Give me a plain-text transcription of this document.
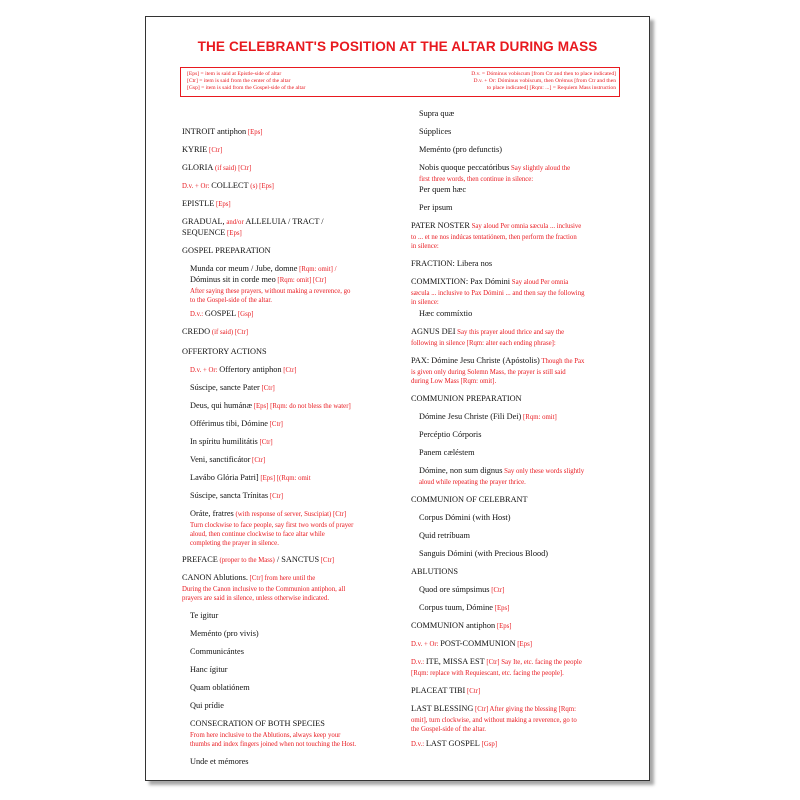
THE CELEBRANT'S POSITION AT THE ALTAR DURING MASS
[Eps] = item is said at Epistle-side of altar
[Ctr] = item is said from the center of the altar
[Gsp] = item is said from the Gospel-side of the altar
D.v. = Dóminus vobíscum [from Ctr and then to place indicated]
D.v. + Or: Dóminus vobíscum, then Orémus [from Ctr and then
to place indicated] [Rqm: ...] = Requiem Mass instruction
INTROIT antiphon [Eps]
KYRIE [Ctr]
GLORIA (if said) [Ctr]
D.v. + Or: COLLECT (s) [Eps]
EPISTLE [Eps]
GRADUAL, and/or ALLELUIA / TRACT /
SEQUENCE [Eps]
GOSPEL PREPARATION
Munda cor meum / Jube, domne [Rqm: omit] /
Dóminus sit in corde meo [Rqm: omit] [Ctr]
After saying these prayers, without making a reverence, go
to the Gospel-side of the altar.
D.v.: GOSPEL [Gsp]
CREDO (if said) [Ctr]
OFFERTORY ACTIONS
D.v. + Or: Offertory antiphon [Ctr]
Súscipe, sancte Pater [Ctr]
Deus, qui humánæ [Eps] [Rqm: do not bless the water]
Offérimus tibi, Dómine [Ctr]
In spíritu humilitátis [Ctr]
Veni, sanctificátor [Ctr]
Lavábo Glória Patri] [Eps] [(Rqm: omit
Súscipe, sancta Trínitas [Ctr]
Oráte, fratres (with response of server, Suscipiat) [Ctr]
Turn clockwise to face people, say first two words of prayer
aloud, then continue clockwise to face altar while
completing the prayer in silence.
PREFACE (proper to the Mass) / SANCTUS [Ctr]
CANON Ablutions. [Ctr] from here until the
During the Canon inclusive to the Communion antiphon, all
prayers are said in silence, unless otherwise indicated.
Te igitur
Meménto (pro vivis)
Communicántes
Hanc ígitur
Quam oblatiónem
Qui prídie
CONSECRATION OF BOTH SPECIES
From here inclusive to the Ablutions, always keep your
thumbs and index fingers joined when not touching the Host.
Unde et mémores
Supra quæ
Súpplices
Meménto (pro defunctis)
Nobis quoque peccatóribus Say slightly aloud the
first three words, then continue in silence:
Per quem hæc
Per ipsum
PATER NOSTER Say aloud Per omnia sæcula ... inclusive
to ... et ne nos indúcas tentatiónem, then perform the fraction
in silence:
FRACTION: Libera nos
COMMIXTION: Pax Dómini Say aloud Per omnia
sæcula ... inclusive to Pax Dómini ... and then say the following
in silence:
Hæc commíxtio
AGNUS DEI Say this prayer aloud thrice and say the
following in silence [Rqm: alter each ending phrase]:
PAX: Dómine Jesu Christe (Apóstolis) Though the Pax
is given only during Solemn Mass, the prayer is still said
during Low Mass [Rqm: omit].
COMMUNION PREPARATION
Dómine Jesu Christe (Fili Dei) [Rqm: omit]
Percéptio Córporis
Panem cæléstem
Dómine, non sum dignus Say only these words slightly
aloud while repeating the prayer thrice.
COMMUNION OF CELEBRANT
Corpus Dómini (with Host)
Quid retríbuam
Sanguis Dómini (with Precious Blood)
ABLUTIONS
Quod ore súmpsimus [Ctr]
Corpus tuum, Dómine [Eps]
COMMUNION antiphon [Eps]
D.v. + Or: POST-COMMUNION [Eps]
D.v.: ITE, MISSA EST [Ctr] Say Ite, etc. facing the people
[Rqm: replace with Requiescant, etc. facing the people].
PLACEAT TIBI [Ctr]
LAST BLESSING [Ctr] After giving the blessing [Rqm:
omit], turn clockwise, and without making a reverence, go to
the Gospel-side of the altar.
D.v.: LAST GOSPEL [Gsp]
